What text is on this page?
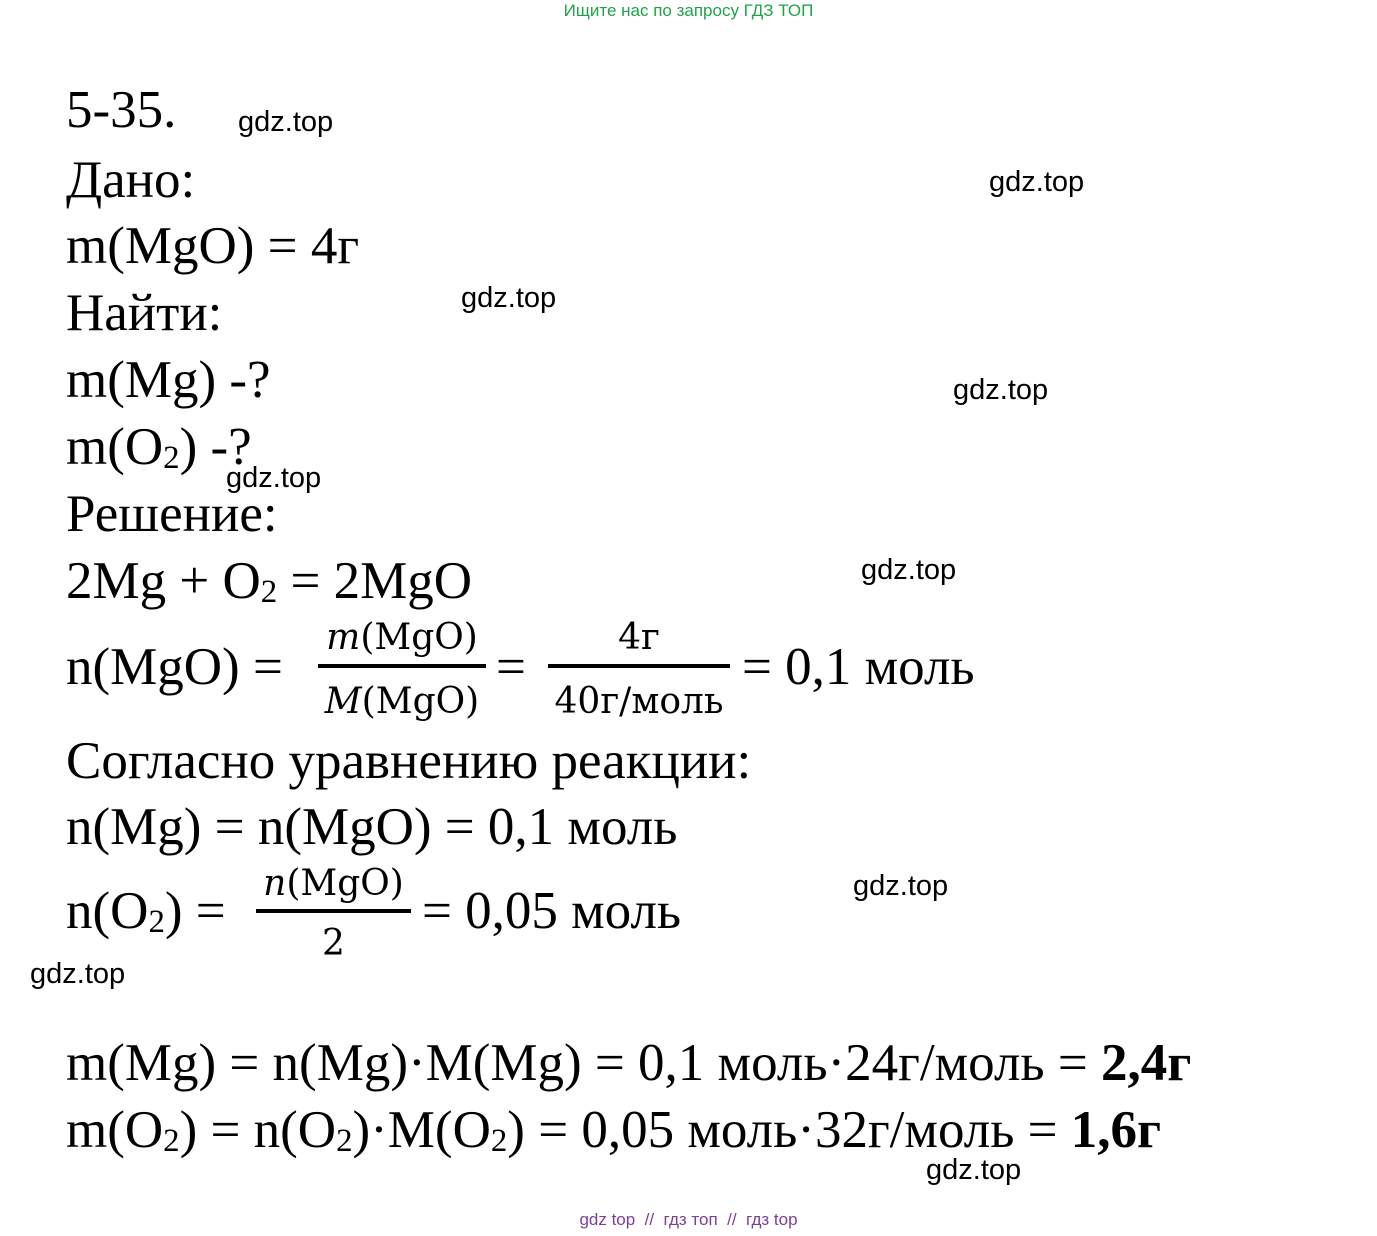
Ищите нас по запросу ГДЗ ТОП
5-35.
Дано:
m(MgO) = 4г
Найти:
m(Mg) -?
$m(O_2)$ -?
Решение:
$2Mg + O_2 = 2MgO$
n(MgO) =
m(MgO)
M(MgO)
=
4г
40г/моль
= 0,1 моль
Согласно уравнению реакции:
n(Mg) = n(MgO) = 0,1 моль
$n(O_2) = n(MgO)$
2
= 0,05 моль
m(Mg) = n(Mg)·M(Mg) = 0,1 моль·24г/моль = 2,4г
$m(O_2) = n(O_2)\cdot M(O_2) = 0,05$ моль·32г/моль = 1,6г
gdz.top
gdz.top
gdz.top
gdz.top
gdz.top
gdz.top
gdz.top
gdz.top
gdz.top
gdz top  //  гдз топ  //  гдз top
